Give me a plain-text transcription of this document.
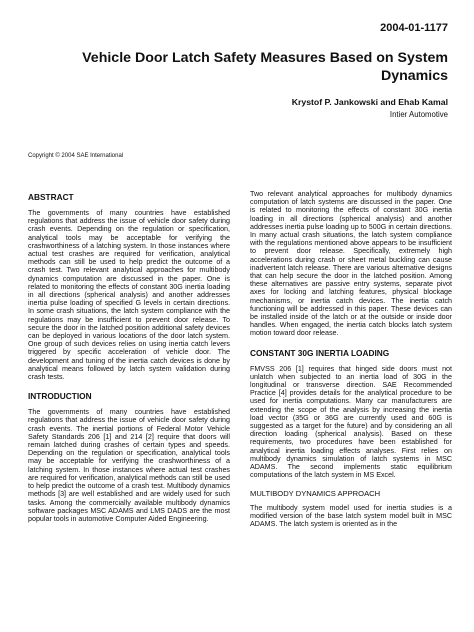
2004-01-1177
Vehicle Door Latch Safety Measures Based on System Dynamics
Krystof P. Jankowski and Ehab Kamal
Intier Automotive
Copyright © 2004 SAE International
ABSTRACT

The governments of many countries have established regulations that address the issue of vehicle door safety during crash events. Depending on the regulation or specification, analytical tools may be acceptable for verifying the crashworthiness of a latching system. In those instances where actual test crashes are required for verification, analytical methods can still be used to help predict the outcome of a crash test. Two relevant analytical approaches for multibody dynamics computation are discussed in the paper. One is related to monitoring the effects of constant 30G inertia loading in all directions (spherical analysis) and another addresses inertia pulse loading of specified G levels in certain directions. In some crash situations, the latch system compliance with the regulations may be insufficient to prevent door release. To secure the door in the latched position additional safety devices can be deployed in various locations of the door latch system. One group of such devices relies on using inertia catch levers triggered by specific acceleration of vehicle door. The development and tuning of the inertia catch devices is done by analytical means followed by latch system validation during crash tests.

INTRODUCTION

The governments of many countries have established regulations that address the issue of vehicle door safety during crash events. The inertial portions of Federal Motor Vehicle Safety Standards 206 [1] and 214 [2] require that doors will remain latched during crashes of certain types and speeds. Depending on the regulation or specification, analytical tools may be acceptable for verifying the crashworthiness of a latching system. In those instances where actual test crashes are required for verification, analytical methods can still be used to help predict the outcome of a crash test. Multibody dynamics methods [3] are well established and are widely used for such tasks. Among the commercially available multibody dynamics software packages MSC ADAMS and LMS DADS are the most popular tools in automotive Computer Aided Engineering.

Two relevant analytical approaches for multibody dynamics computation of latch systems are discussed in the paper. One is related to monitoring the effects of constant 30G inertia loading in all directions (spherical analysis) and another addresses inertia pulse loading up to 500G in certain directions. In many actual crash situations, the latch system compliance with the regulations mentioned above appears to be insufficient to prevent door release. Specifically, extremely high accelerations during crash or sheet metal buckling can cause inadvertent latch release. There are various alternative designs that can help secure the door in the latched position. Among these alternatives are passive entry systems, separate pivot axes for locking and latching features, physical blockage mechanisms, or inertia catch devices. The inertia catch functioning will be addressed in this paper. These devices can be installed inside of the latch or at the outside or inside door handles. When engaged, the inertia catch blocks latch system motion toward door release.

CONSTANT 30G INERTIA LOADING

FMVSS 206 [1] requires that hinged side doors must not unlatch when subjected to an inertia load of 30G in the longitudinal or transverse direction. SAE Recommended Practice [4] provides details for the analytical procedure to be used for inertia computations. Many car manufacturers are extending the scope of the analysis by increasing the inertia load vector (35G or 36G are currently used and 60G is suggested as a target for the future) and by considering an all direction loading (spherical analysis). Based on these requirements, two procedures have been established for analytical inertia loading effects analyses. First relies on multibody dynamics simulation of latch systems in MSC ADAMS. The second implements static equilibrium computations of the latch system in MS Excel.

MULTIBODY DYNAMICS APPROACH

The multibody system model used for inertia studies is a modified version of the base latch system model built in MSC ADAMS. The latch system is oriented as in the
